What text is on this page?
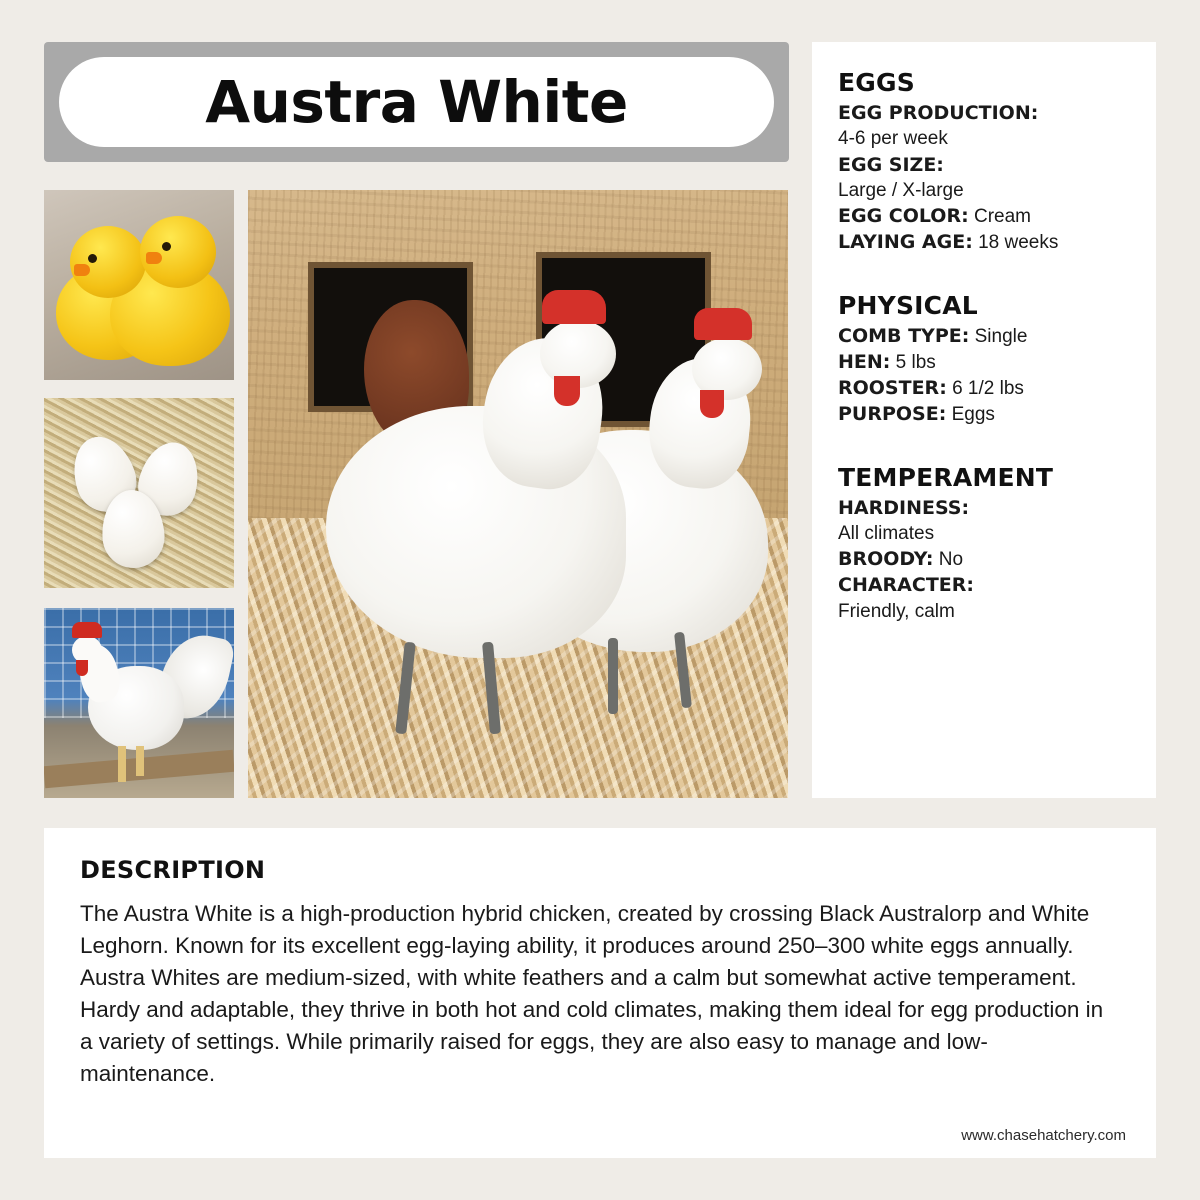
Austra White	EGGS

EGG PRODUCTION:
4-6 per week

EGG SIZE:
Large / X-large

EGG COLOR: Cream

LAYING AGE: 18 weeks

PHYSICAL

COMB TYPE: Single

HEN: 5 lbs

ROOSTER: 6 1/2 lbs

PURPOSE: Eggs

TEMPERAMENT

HARDINESS:
All climates

BROODY: No

CHARACTER:
Friendly, calm

DESCRIPTION

The Austra White is a high-production hybrid chicken, created by crossing Black Australorp and White Leghorn. Known for its excellent egg-laying ability, it produces around 250–300 white eggs annually. Austra Whites are medium-sized, with white feathers and a calm but somewhat active temperament. Hardy and adaptable, they thrive in both hot and cold climates, making them ideal for egg production in a variety of settings. While primarily raised for eggs, they are also easy to manage and low-maintenance.

www.chasehatchery.com
